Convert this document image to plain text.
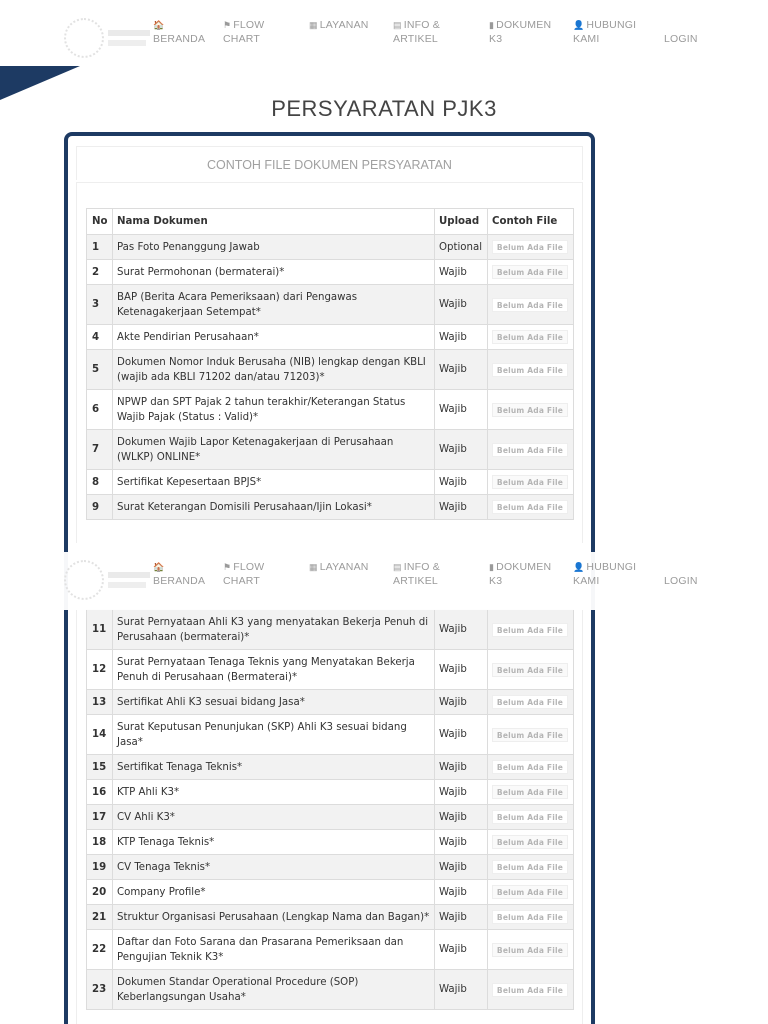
🏠
BERANDA
⚑ FLOW
CHART
▦ LAYANAN	▤ INFO &
ARTIKEL
▮ DOKUMEN
K3
👤 HUBUNGI
KAMI	LOGIN
PERSYARATAN PJK3
CONTOH FILE DOKUMEN PERSYARATAN
No	Nama Dokumen	Upload	Contoh File
1	Pas Foto Penanggung Jawab	Optional	Belum Ada File
2	Surat Permohonan (bermaterai)*	Wajib	Belum Ada File
3	BAP (Berita Acara Pemeriksaan) dari Pengawas Ketenagakerjaan Setempat*	Wajib	Belum Ada File
4	Akte Pendirian Perusahaan*	Wajib	Belum Ada File
5	Dokumen Nomor Induk Berusaha (NIB) lengkap dengan KBLI (wajib ada KBLI 71202 dan/atau 71203)*	Wajib	Belum Ada File
6	NPWP dan SPT Pajak 2 tahun terakhir/Keterangan Status Wajib Pajak (Status : Valid)*	Wajib	Belum Ada File
7	Dokumen Wajib Lapor Ketenagakerjaan di Perusahaan (WLKP) ONLINE*	Wajib	Belum Ada File
8	Sertifikat Kepesertaan BPJS*	Wajib	Belum Ada File
9	Surat Keterangan Domisili Perusahaan/Ijin Lokasi*	Wajib	Belum Ada File
🏠
BERANDA
⚑ FLOW
CHART
▦ LAYANAN	▤ INFO &
ARTIKEL
▮ DOKUMEN
K3
👤 HUBUNGI
KAMI	LOGIN
11	Surat Pernyataan Ahli K3 yang menyatakan Bekerja Penuh di Perusahaan (bermaterai)*	Wajib	Belum Ada File
12	Surat Pernyataan Tenaga Teknis yang Menyatakan Bekerja Penuh di Perusahaan (Bermaterai)*	Wajib	Belum Ada File
13	Sertifikat Ahli K3 sesuai bidang Jasa*	Wajib	Belum Ada File
14	Surat Keputusan Penunjukan (SKP) Ahli K3 sesuai bidang Jasa*	Wajib	Belum Ada File
15	Sertifikat Tenaga Teknis*	Wajib	Belum Ada File
16	KTP Ahli K3*	Wajib	Belum Ada File
17	CV Ahli K3*	Wajib	Belum Ada File
18	KTP Tenaga Teknis*	Wajib	Belum Ada File
19	CV Tenaga Teknis*	Wajib	Belum Ada File
20	Company Profile*	Wajib	Belum Ada File
21	Struktur Organisasi Perusahaan (Lengkap Nama dan Bagan)*	Wajib	Belum Ada File
22	Daftar dan Foto Sarana dan Prasarana Pemeriksaan dan Pengujian Teknik K3*	Wajib	Belum Ada File
23	Dokumen Standar Operational Procedure (SOP) Keberlangsungan Usaha*	Wajib	Belum Ada File
